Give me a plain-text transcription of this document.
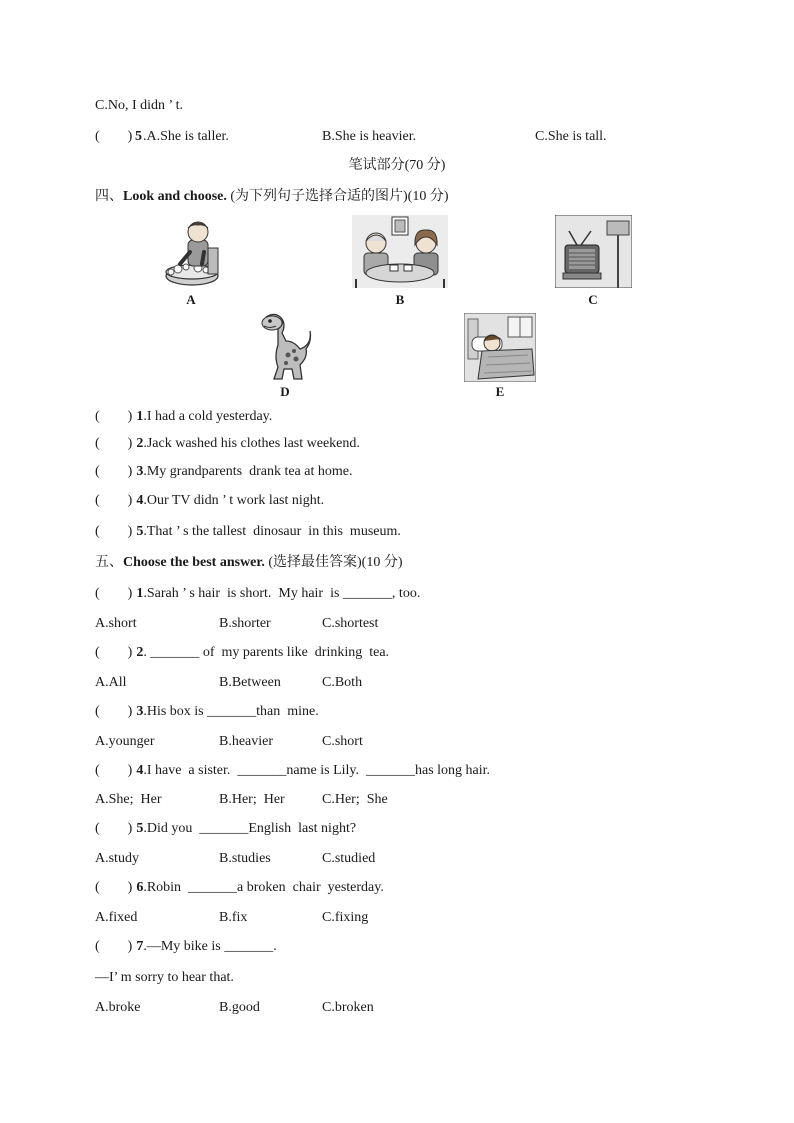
C.No, I didn ’ t.
(        ) 5 .A.She is taller.	B.She is heavier.	C.She is tall.
笔试部分(70 分)
四、Look and choose. (为下列句子选择合适的图片)(10 分)
A	B	C
D	E
(        ) 1.I had a cold yesterday.
(        ) 2.Jack washed his clothes last weekend.
(        ) 3.My grandparents  drank tea at home.
(        ) 4.Our TV didn ’ t work last night.
(        ) 5.That ’ s the tallest  dinosaur  in this  museum.
五、Choose the best answer. (选择最佳答案)(10 分)
(        ) 1.Sarah ’ s hair  is short.  My hair  is _______, too.
A.short	B.shorter	C.shortest
(        ) 2. _______ of  my parents like  drinking  tea.
A.All	B.Between	C.Both
(        ) 3.His box is _______than  mine.
A.younger	B.heavier	C.short
(        ) 4.I have  a sister.  _______name is Lily.  _______has long hair.
A.She;  Her	B.Her;  Her	C.Her;  She
(        ) 5.Did you  _______English  last night?
A.study	B.studies	C.studied
(        ) 6.Robin  _______a broken  chair  yesterday.
A.fixed	B.fix	C.fixing
(        ) 7.—My bike is _______.
—I’ m sorry to hear that.
A.broke	B.good	C.broken
